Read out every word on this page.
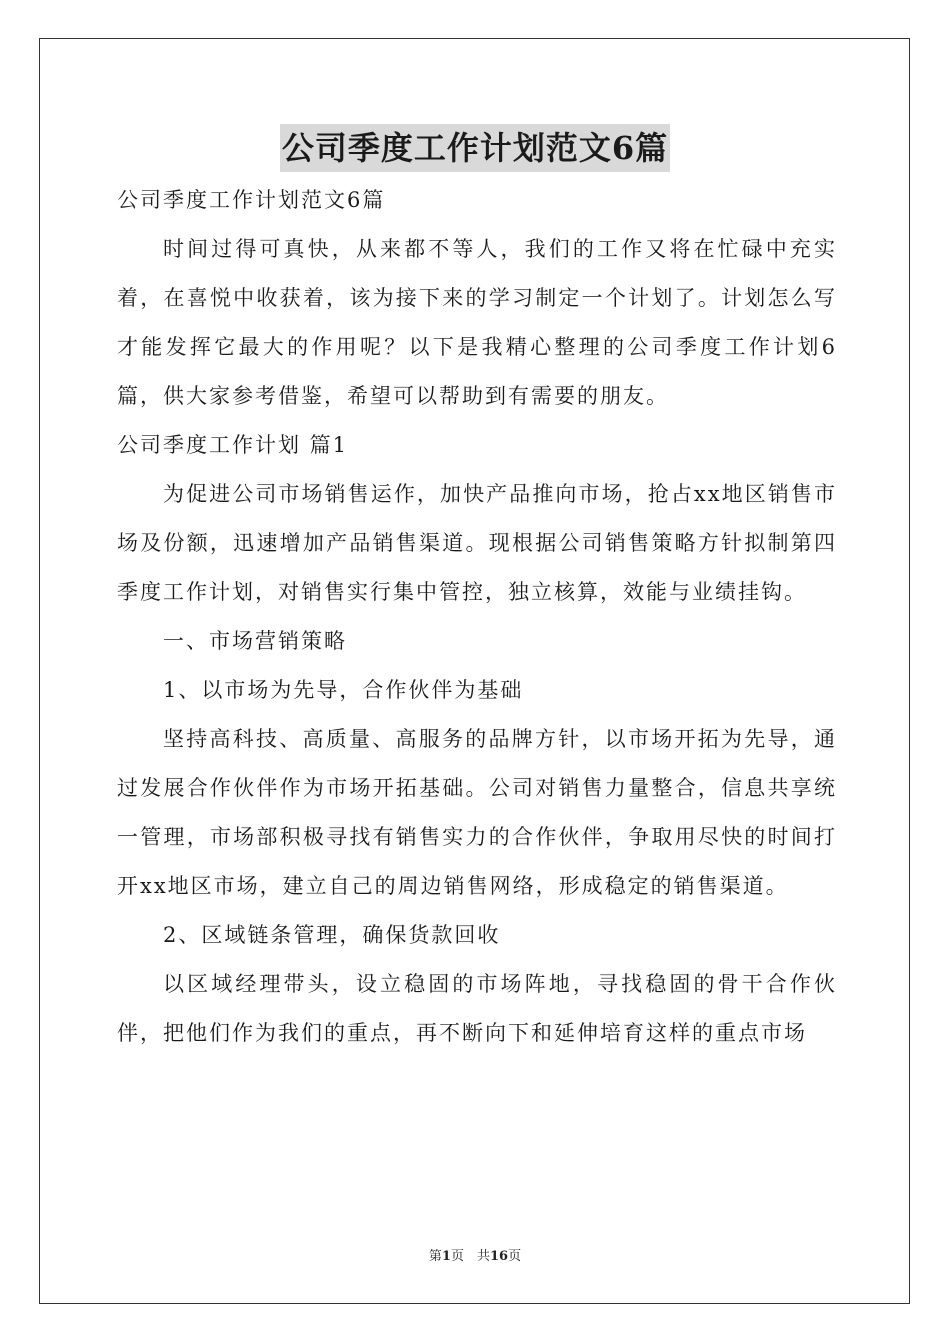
公司季度工作计划范文6篇

公司季度工作计划范文6篇

时间过得可真快，从来都不等人，我们的工作又将在忙碌中充实着，在喜悦中收获着，该为接下来的学习制定一个计划了。计划怎么写才能发挥它最大的作用呢？以下是我精心整理的公司季度工作计划6篇，供大家参考借鉴，希望可以帮助到有需要的朋友。

公司季度工作计划 篇1

为促进公司市场销售运作，加快产品推向市场，抢占xx地区销售市场及份额，迅速增加产品销售渠道。现根据公司销售策略方针拟制第四季度工作计划，对销售实行集中管控，独立核算，效能与业绩挂钩。

一、市场营销策略

1、以市场为先导，合作伙伴为基础

坚持高科技、高质量、高服务的品牌方针，以市场开拓为先导，通过发展合作伙伴作为市场开拓基础。公司对销售力量整合，信息共享统一管理，市场部积极寻找有销售实力的合作伙伴，争取用尽快的时间打开xx地区市场，建立自己的周边销售网络，形成稳定的销售渠道。

2、区域链条管理，确保货款回收

以区域经理带头，设立稳固的市场阵地，寻找稳固的骨干合作伙伴，把他们作为我们的重点，再不断向下和延伸培育这样的重点市场

第1页　共16页
